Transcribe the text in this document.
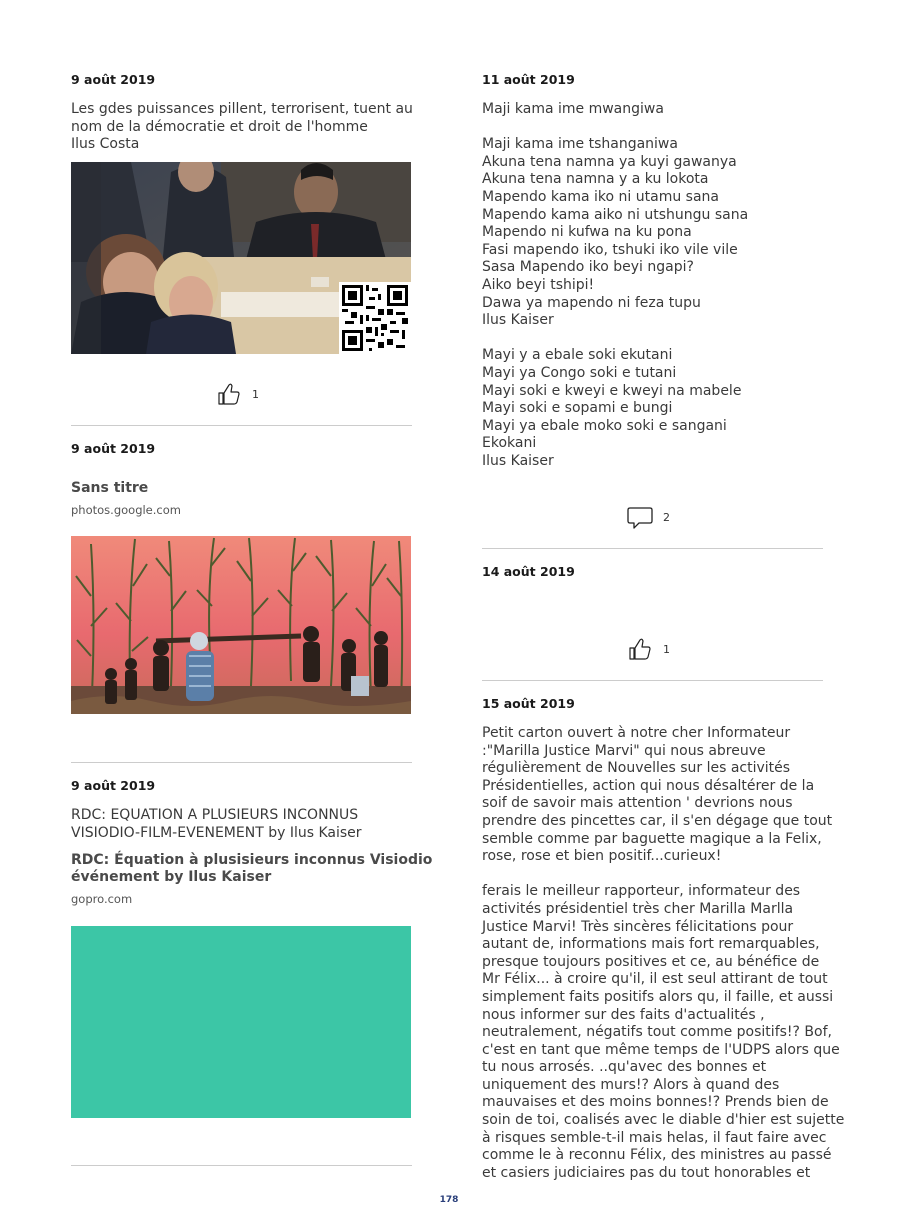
9 août 2019
Les gdes puissances pillent, terrorisent, tuent au
nom de la démocratie et droit de l'homme
Ilus Costa
1
9 août 2019
Sans titre
photos.google.com
9 août 2019
RDC: EQUATION A PLUSIEURS INCONNUS
VISIODIO-FILM-EVENEMENT by Ilus Kaiser
RDC: Équation à plusisieurs inconnus Visiodio
événement by Ilus Kaiser
gopro.com
11 août 2019
Maji kama ime mwangiwa
Maji kama ime tshanganiwa
Akuna tena namna ya kuyi gawanya
Akuna tena namna y a ku lokota
Mapendo kama iko ni utamu sana
Mapendo kama aiko ni utshungu sana
Mapendo ni kufwa na ku pona
Fasi mapendo iko, tshuki iko vile vile
Sasa Mapendo iko beyi ngapi?
Aiko beyi tshipi!
Dawa ya mapendo ni feza tupu
Ilus Kaiser
Mayi y a ebale soki ekutani
Mayi ya Congo soki e tutani
Mayi soki e kweyi e kweyi na mabele
Mayi soki e sopami e bungi
Mayi ya ebale moko soki e sangani
Ekokani
Ilus Kaiser
2
14 août 2019
1
15 août 2019
Petit carton ouvert à notre cher Informateur
:"Marilla Justice Marvi" qui nous abreuve
régulièrement de Nouvelles sur les activités
Présidentielles, action qui nous désaltérer de la
soif de savoir mais attention ' devrions nous
prendre des pincettes car, il s'en dégage que tout
semble comme par baguette magique a la Felix,
rose, rose et bien positif...curieux!
ferais le meilleur rapporteur, informateur des
activités présidentiel très cher Marilla Marlla
Justice Marvi! Très sincères félicitations pour
autant de, informations mais fort remarquables,
presque toujours positives et ce, au bénéfice de
Mr Félix... à croire qu'il, il est seul attirant de tout
simplement faits positifs alors qu, il faille, et aussi
nous informer sur des faits d'actualités ,
neutralement, négatifs tout comme positifs!? Bof,
c'est en tant que même temps de l'UDPS alors que
tu nous arrosés. ..qu'avec des bonnes et
uniquement des murs!? Alors à quand des
mauvaises et des moins bonnes!? Prends bien de
soin de toi, coalisés avec le diable d'hier est sujette
à risques semble-t-il mais helas, il faut faire avec
comme le à reconnu Félix, des ministres au passé
et casiers judiciaires pas du tout honorables et
178
